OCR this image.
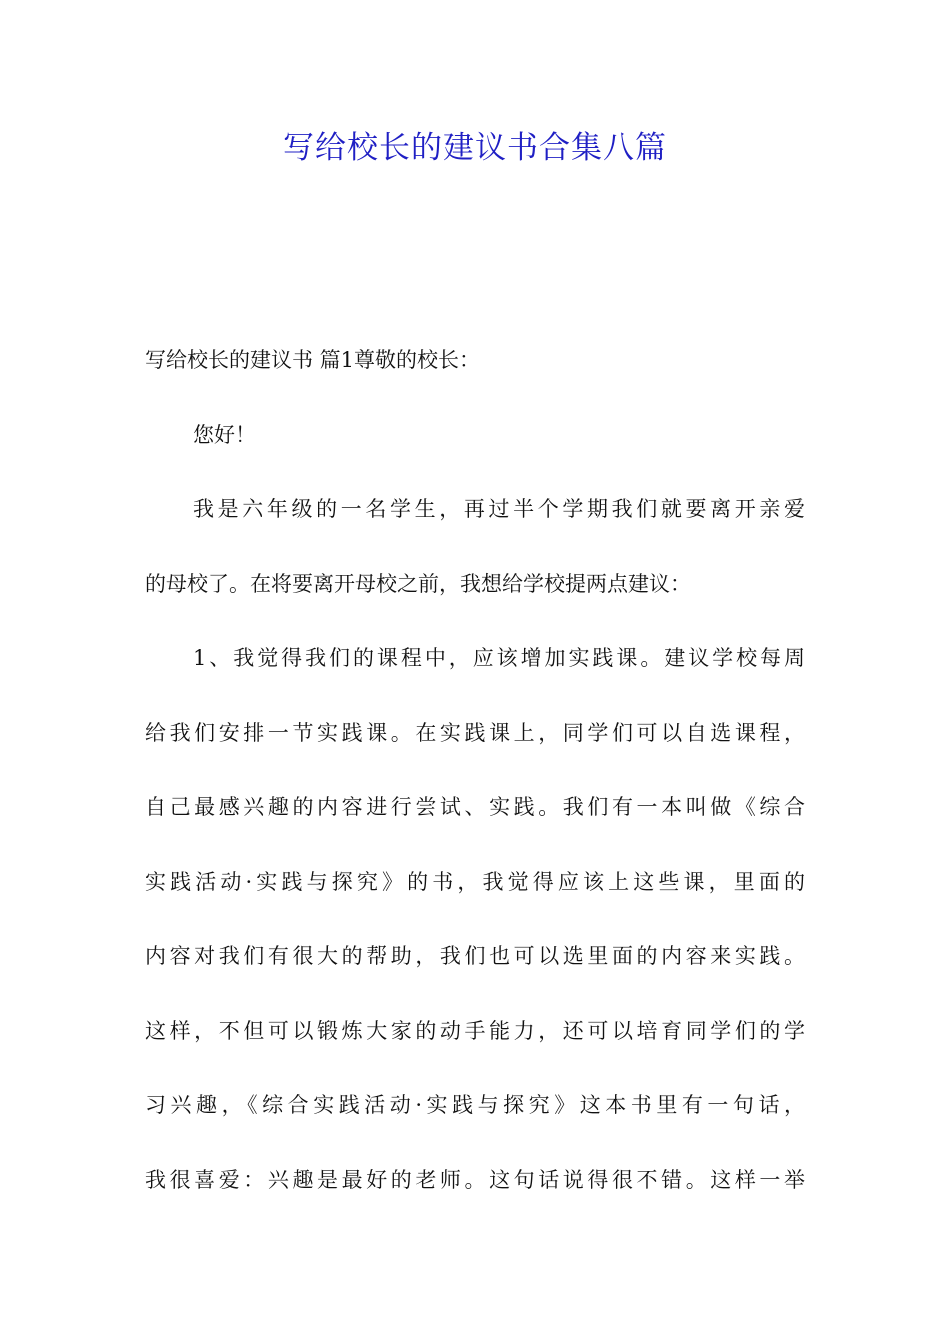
写给校长的建议书合集八篇
写给校长的建议书 篇1尊敬的校长：
您好！
我是六年级的一名学生，再过半个学期我们就要离开亲爱
的母校了。在将要离开母校之前，我想给学校提两点建议：
1、我觉得我们的课程中，应该增加实践课。建议学校每周
给我们安排一节实践课。在实践课上，同学们可以自选课程，
自己最感兴趣的内容进行尝试、实践。我们有一本叫做《综合
实践活动·实践与探究》的书，我觉得应该上这些课，里面的
内容对我们有很大的帮助，我们也可以选里面的内容来实践。
这样，不但可以锻炼大家的动手能力，还可以培育同学们的学
习兴趣，《综合实践活动·实践与探究》这本书里有一句话，
我很喜爱：兴趣是最好的老师。这句话说得很不错。这样一举
